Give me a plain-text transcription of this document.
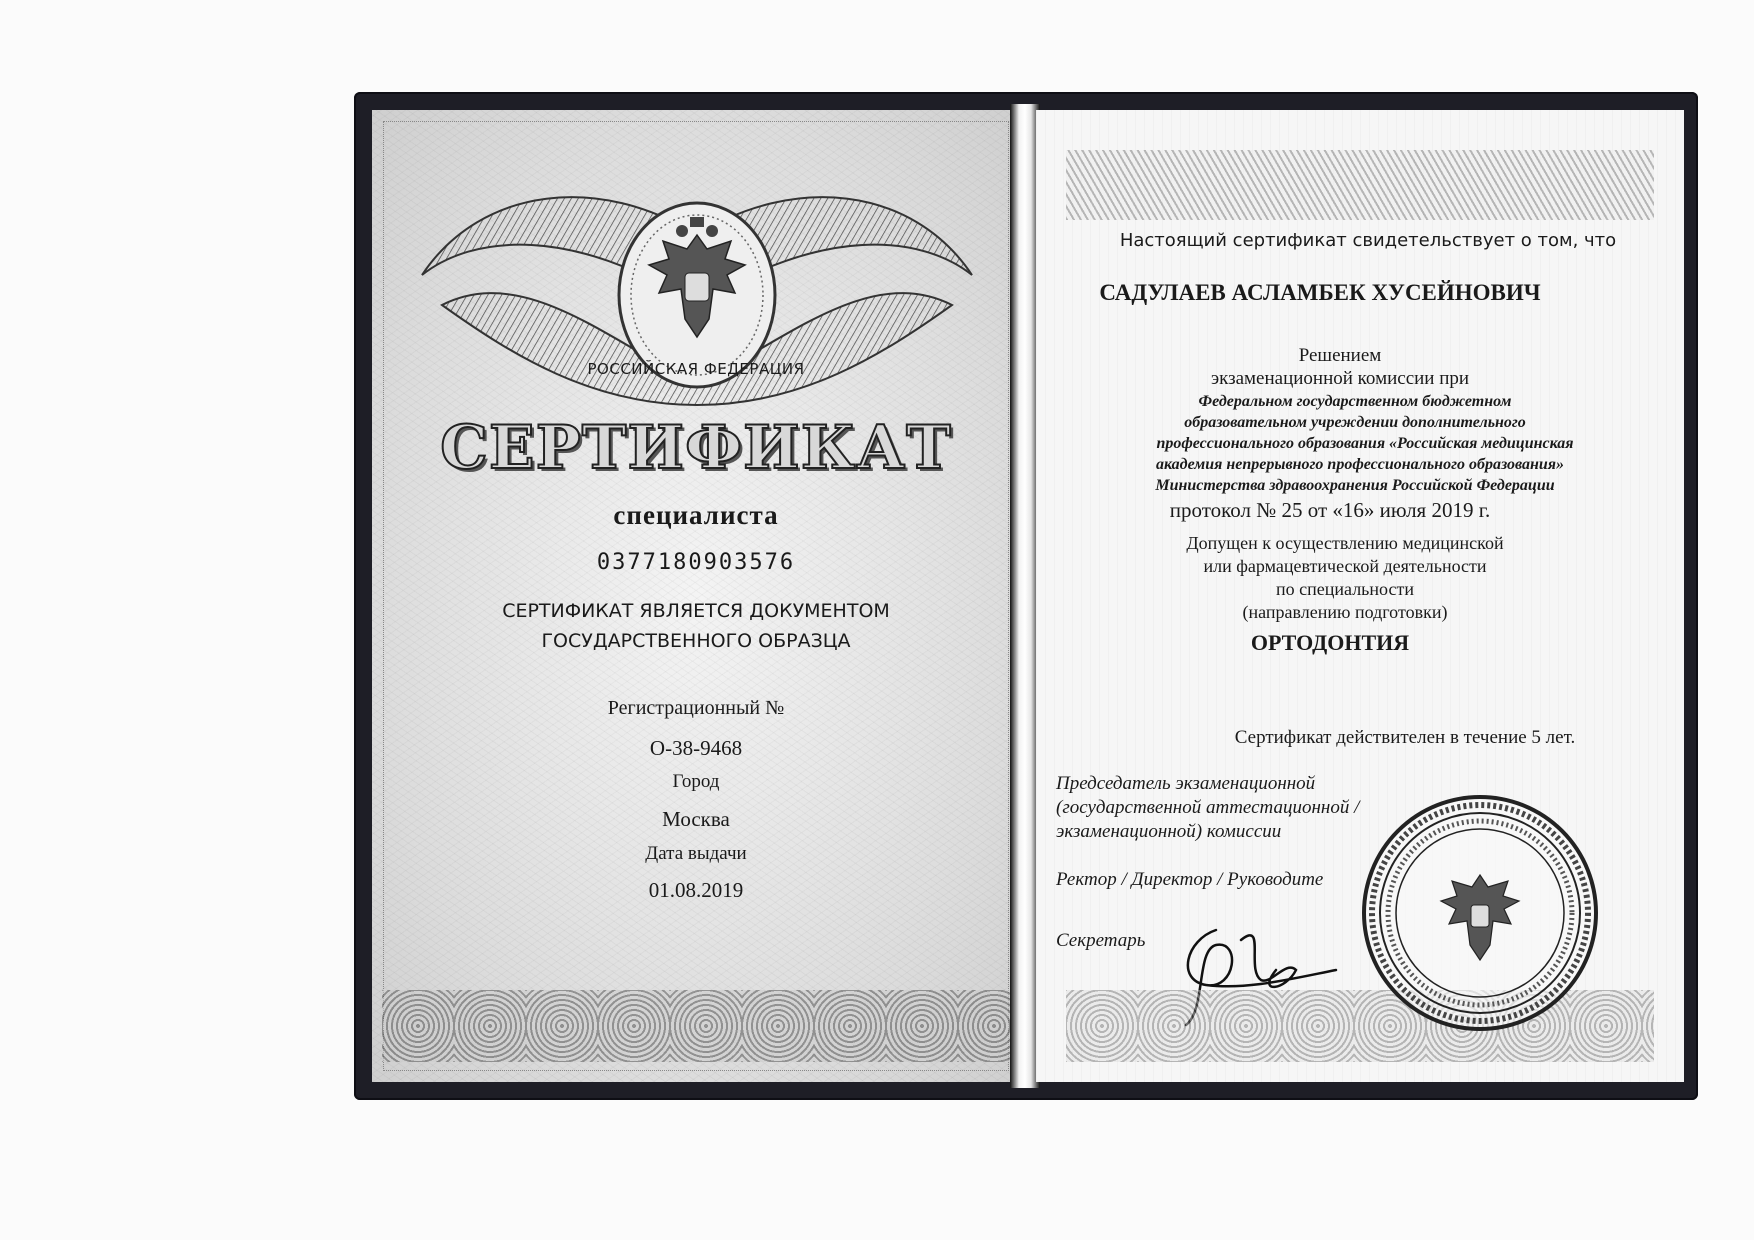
РОССИЙСКАЯ ФЕДЕРАЦИЯ
СЕРТИФИКАТ
специалиста
0377180903576
СЕРТИФИКАТ ЯВЛЯЕТСЯ ДОКУМЕНТОМ
ГОСУДАРСТВЕННОГО ОБРАЗЦА
Регистрационный №
О-38-9468
Город
Москва
Дата выдачи
01.08.2019
Настоящий сертификат свидетельствует о том, что
САДУЛАЕВ АСЛАМБЕК ХУСЕЙНОВИЧ
Решением
экзаменационной комиссии при
Федеральном государственном бюджетном
образовательном учреждении дополнительного
профессионального образования «Российская медицинская
академия непрерывного профессионального образования»
Министерства здравоохранения Российской Федерации
протокол № 25 от «16» июля 2019 г.
Допущен к осуществлению медицинской
или фармацевтической деятельности
по специальности
(направлению подготовки)
ОРТОДОНТИЯ
Сертификат действителен в течение 5 лет.
Председатель экзаменационной
(государственной аттестационной /
экзаменационной) комиссии
Ректор / Директор / Руководите
Секретарь
